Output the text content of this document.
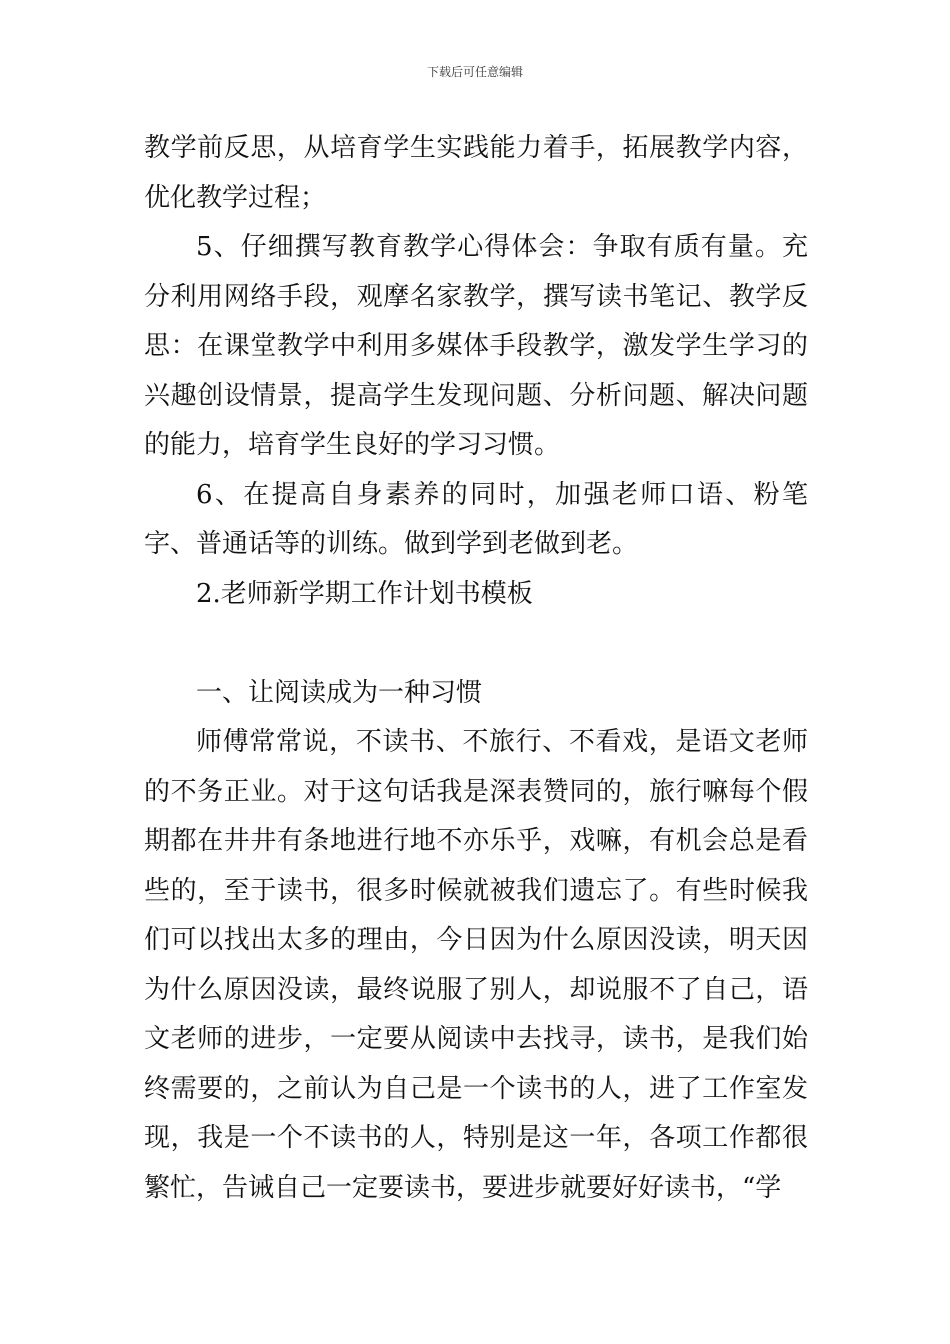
下载后可任意编辑

教学前反思，从培育学生实践能力着手，拓展教学内容，优化教学过程；

5、仔细撰写教育教学心得体会：争取有质有量。充分利用网络手段，观摩名家教学，撰写读书笔记、教学反思：在课堂教学中利用多媒体手段教学，激发学生学习的兴趣创设情景，提高学生发现问题、分析问题、解决问题的能力，培育学生良好的学习习惯。

6、在提高自身素养的同时，加强老师口语、粉笔字、普通话等的训练。做到学到老做到老。

2.老师新学期工作计划书模板

一、让阅读成为一种习惯

师傅常常说，不读书、不旅行、不看戏，是语文老师的不务正业。对于这句话我是深表赞同的，旅行嘛每个假期都在井井有条地进行地不亦乐乎，戏嘛，有机会总是看些的，至于读书，很多时候就被我们遗忘了。有些时候我们可以找出太多的理由，今日因为什么原因没读，明天因为什么原因没读，最终说服了别人，却说服不了自己，语文老师的进步，一定要从阅读中去找寻，读书，是我们始终需要的，之前认为自己是一个读书的人，进了工作室发现，我是一个不读书的人，特别是这一年，各项工作都很繁忙，告诫自己一定要读书，要进步就要好好读书，“学
